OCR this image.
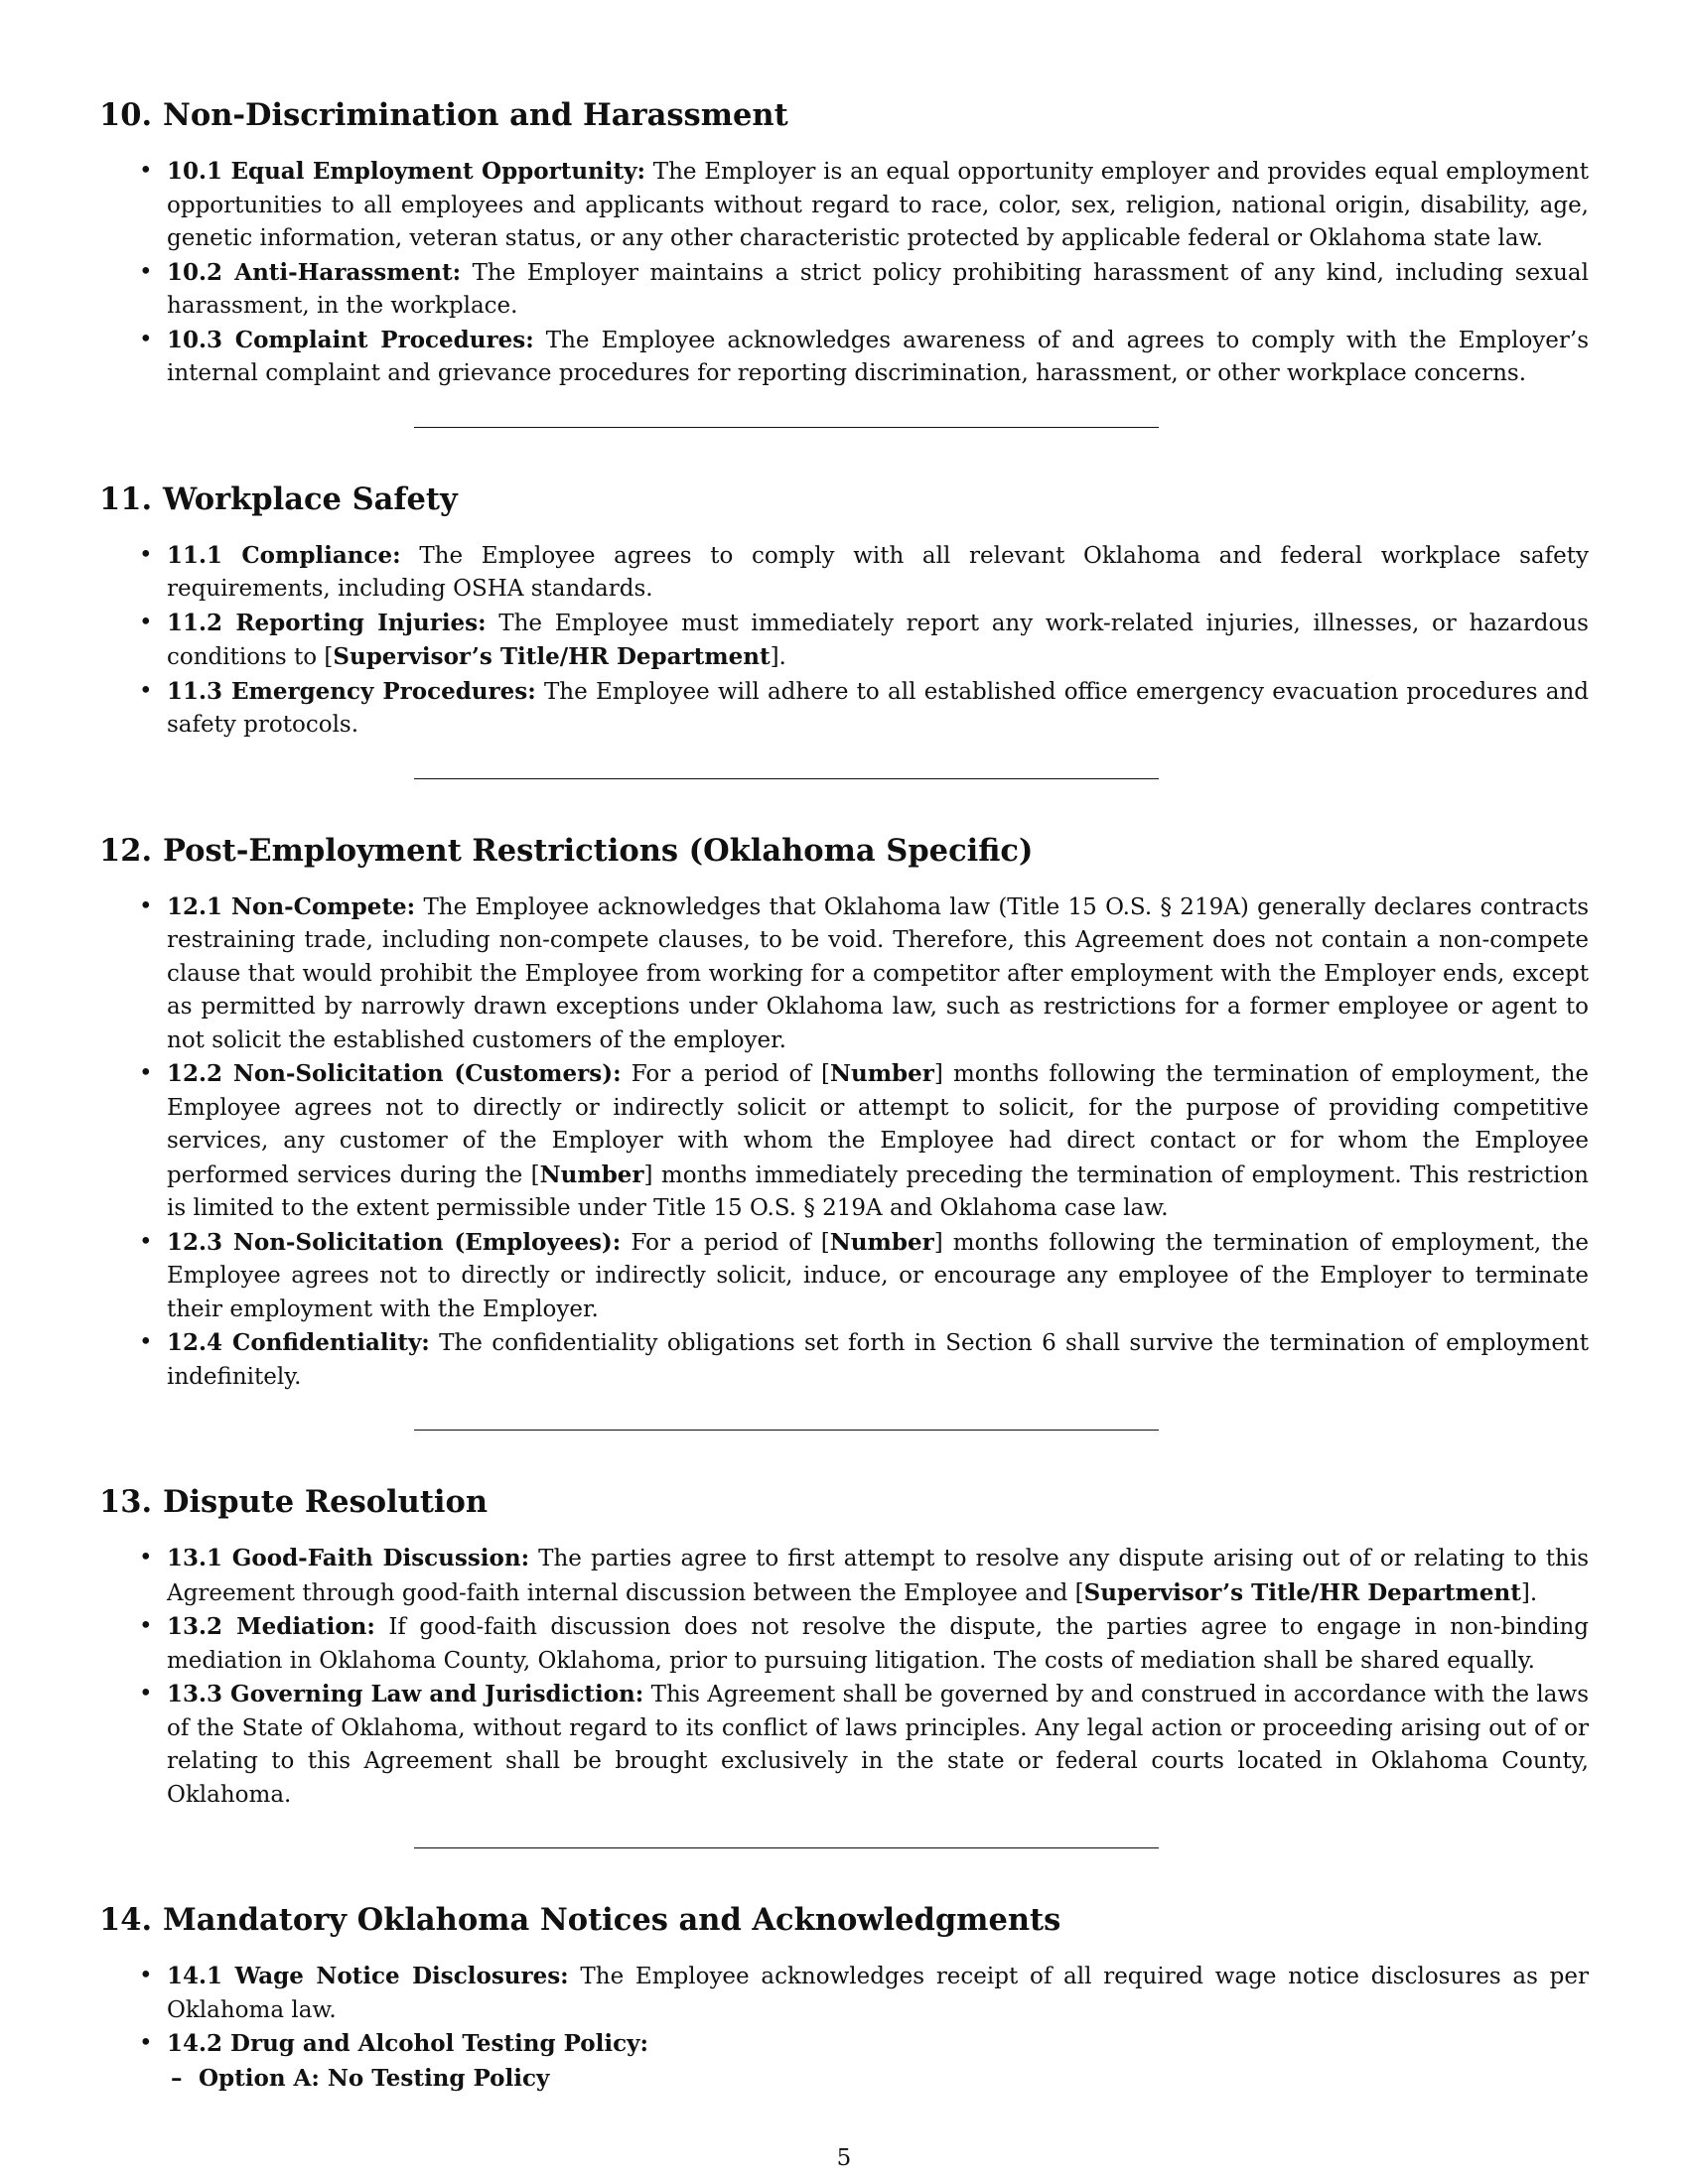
10. Non-Discrimination and Harassment
• 10.1 Equal Employment Opportunity: The Employer is an equal opportunity employer and provides equal employment opportunities to all employees and applicants without regard to race, color, sex, religion, national origin, disability, age, genetic information, veteran status, or any other characteristic protected by applicable federal or Oklahoma state law.
• 10.2 Anti-Harassment: The Employer maintains a strict policy prohibiting harassment of any kind, including sexual harassment, in the workplace.
• 10.3 Complaint Procedures: The Employee acknowledges awareness of and agrees to comply with the Employer’s internal complaint and grievance procedures for reporting discrimination, harassment, or other workplace concerns.
11. Workplace Safety
• 11.1 Compliance: The Employee agrees to comply with all relevant Oklahoma and federal workplace safety requirements, including OSHA standards.
• 11.2 Reporting Injuries: The Employee must immediately report any work-related injuries, illnesses, or hazardous conditions to [Supervisor’s Title/HR Department].
• 11.3 Emergency Procedures: The Employee will adhere to all established office emergency evacuation procedures and safety protocols.
12. Post-Employment Restrictions (Oklahoma Specific)
• 12.1 Non-Compete: The Employee acknowledges that Oklahoma law (Title 15 O.S. § 219A) generally declares contracts restraining trade, including non-compete clauses, to be void. Therefore, this Agreement does not contain a non-compete clause that would prohibit the Employee from working for a competitor after employment with the Employer ends, except as permitted by narrowly drawn exceptions under Oklahoma law, such as restrictions for a former employee or agent to not solicit the established customers of the employer.
• 12.2 Non-Solicitation (Customers): For a period of [Number] months following the termination of employment, the Employee agrees not to directly or indirectly solicit or attempt to solicit, for the purpose of providing competitive services, any customer of the Employer with whom the Employee had direct contact or for whom the Employee performed services during the [Number] months immediately preceding the termination of employment. This restriction is limited to the extent permissible under Title 15 O.S. § 219A and Oklahoma case law.
• 12.3 Non-Solicitation (Employees): For a period of [Number] months following the termination of employment, the Employee agrees not to directly or indirectly solicit, induce, or encourage any employee of the Employer to terminate their employment with the Employer.
• 12.4 Confidentiality: The confidentiality obligations set forth in Section 6 shall survive the termination of employment indefinitely.
13. Dispute Resolution
• 13.1 Good-Faith Discussion: The parties agree to first attempt to resolve any dispute arising out of or relating to this Agreement through good-faith internal discussion between the Employee and [Supervisor’s Title/HR Department].
• 13.2 Mediation: If good-faith discussion does not resolve the dispute, the parties agree to engage in non-binding mediation in Oklahoma County, Oklahoma, prior to pursuing litigation. The costs of mediation shall be shared equally.
• 13.3 Governing Law and Jurisdiction: This Agreement shall be governed by and construed in accordance with the laws of the State of Oklahoma, without regard to its conflict of laws principles. Any legal action or proceeding arising out of or relating to this Agreement shall be brought exclusively in the state or federal courts located in Oklahoma County, Oklahoma.
14. Mandatory Oklahoma Notices and Acknowledgments
• 14.1 Wage Notice Disclosures: The Employee acknowledges receipt of all required wage notice disclosures as per Oklahoma law.
• 14.2 Drug and Alcohol Testing Policy:
– Option A: No Testing Policy
5
